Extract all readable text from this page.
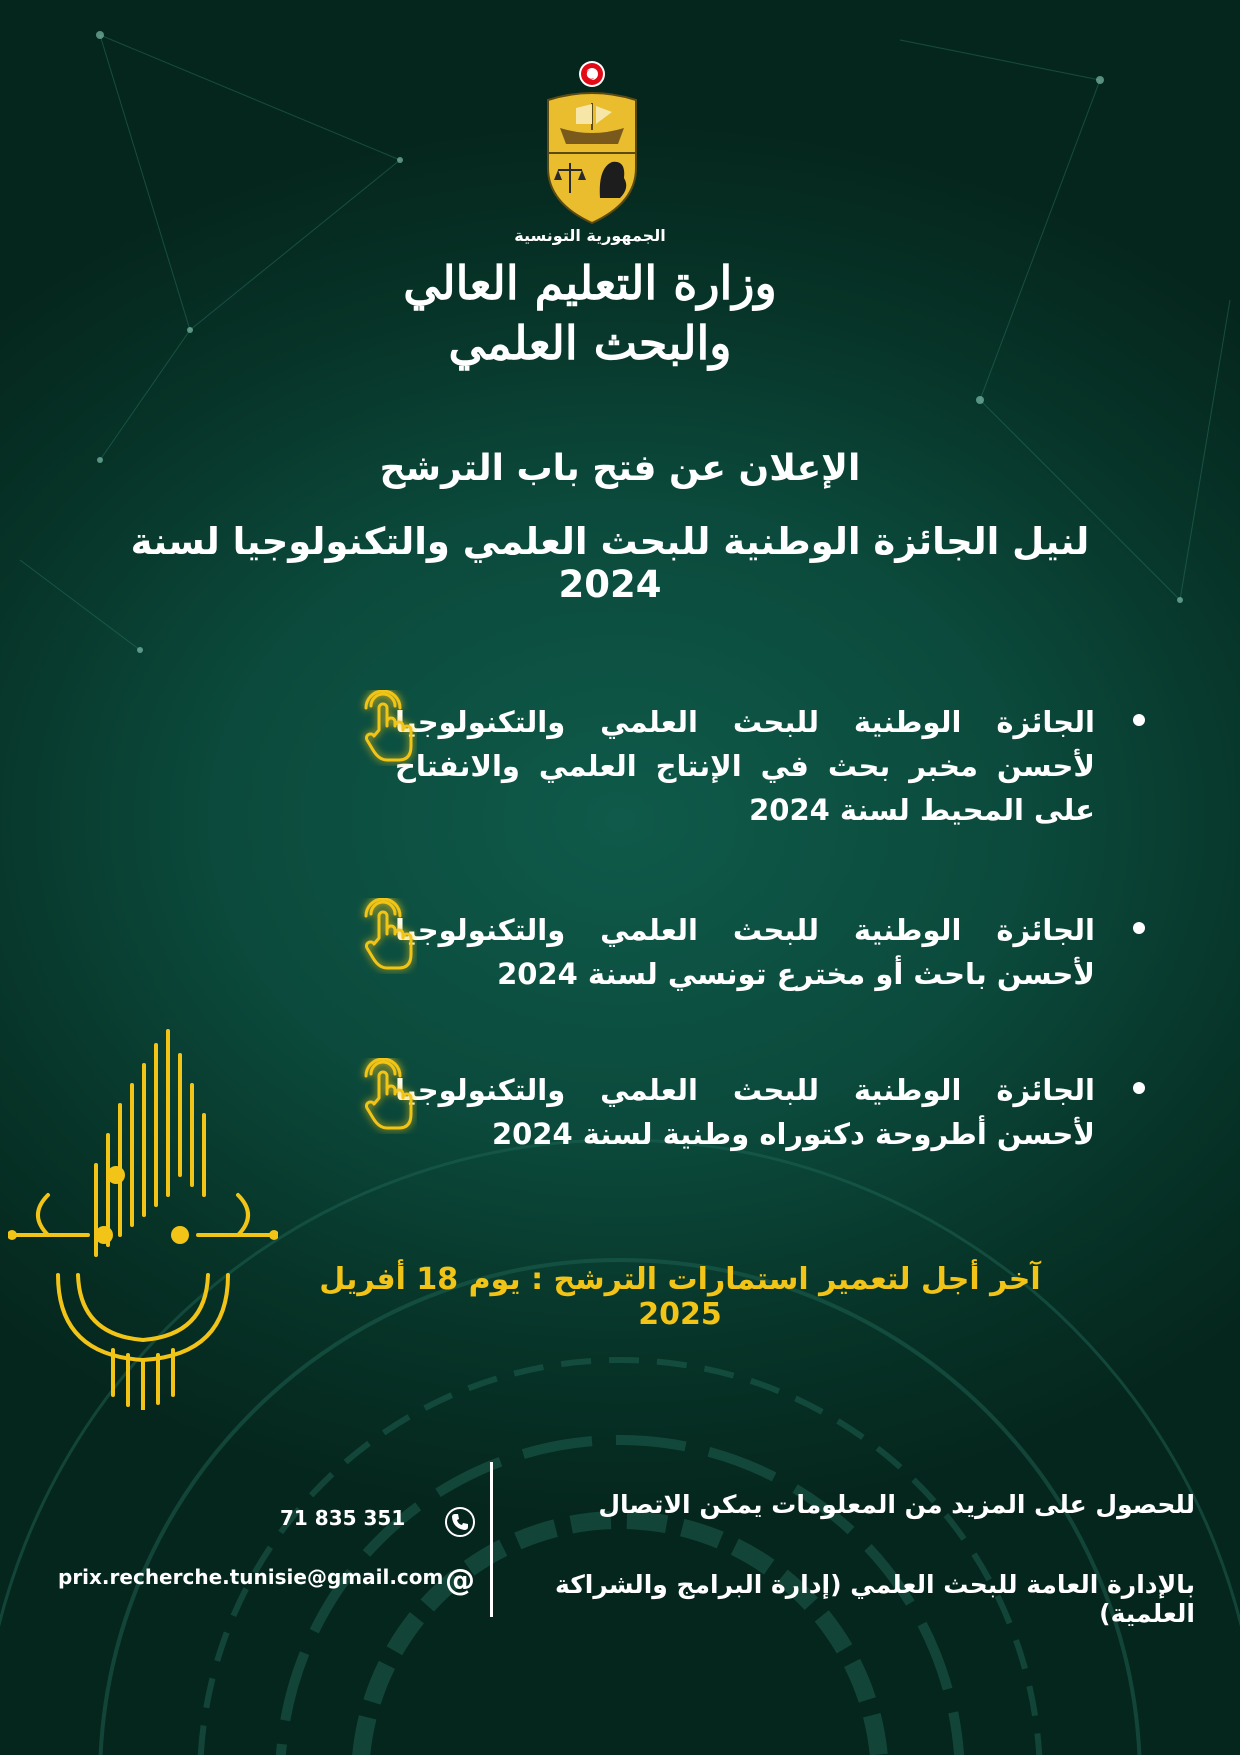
الجمهورية التونسية
وزارة التعليم العالي
والبحث العلمي
الإعلان عن فتح باب الترشح
لنيل الجائزة الوطنية للبحث العلمي والتكنولوجيا لسنة 2024
الجائزة الوطنية للبحث العلمي والتكنولوجيا لأحسن مخبر بحث في الإنتاج العلمي والانفتاح على المحيط لسنة 2024
الجائزة الوطنية للبحث العلمي والتكنولوجيا لأحسن باحث أو مخترع تونسي لسنة 2024
الجائزة الوطنية للبحث العلمي والتكنولوجيا لأحسن أطروحة دكتوراه وطنية لسنة 2024
آخر أجل لتعمير استمارات الترشح : يوم 18 أفريل 2025
للحصول على المزيد من المعلومات يمكن الاتصال
بالإدارة العامة للبحث العلمي (إدارة البرامج والشراكة العلمية)
71 835 351
@
prix.recherche.tunisie@gmail.com
